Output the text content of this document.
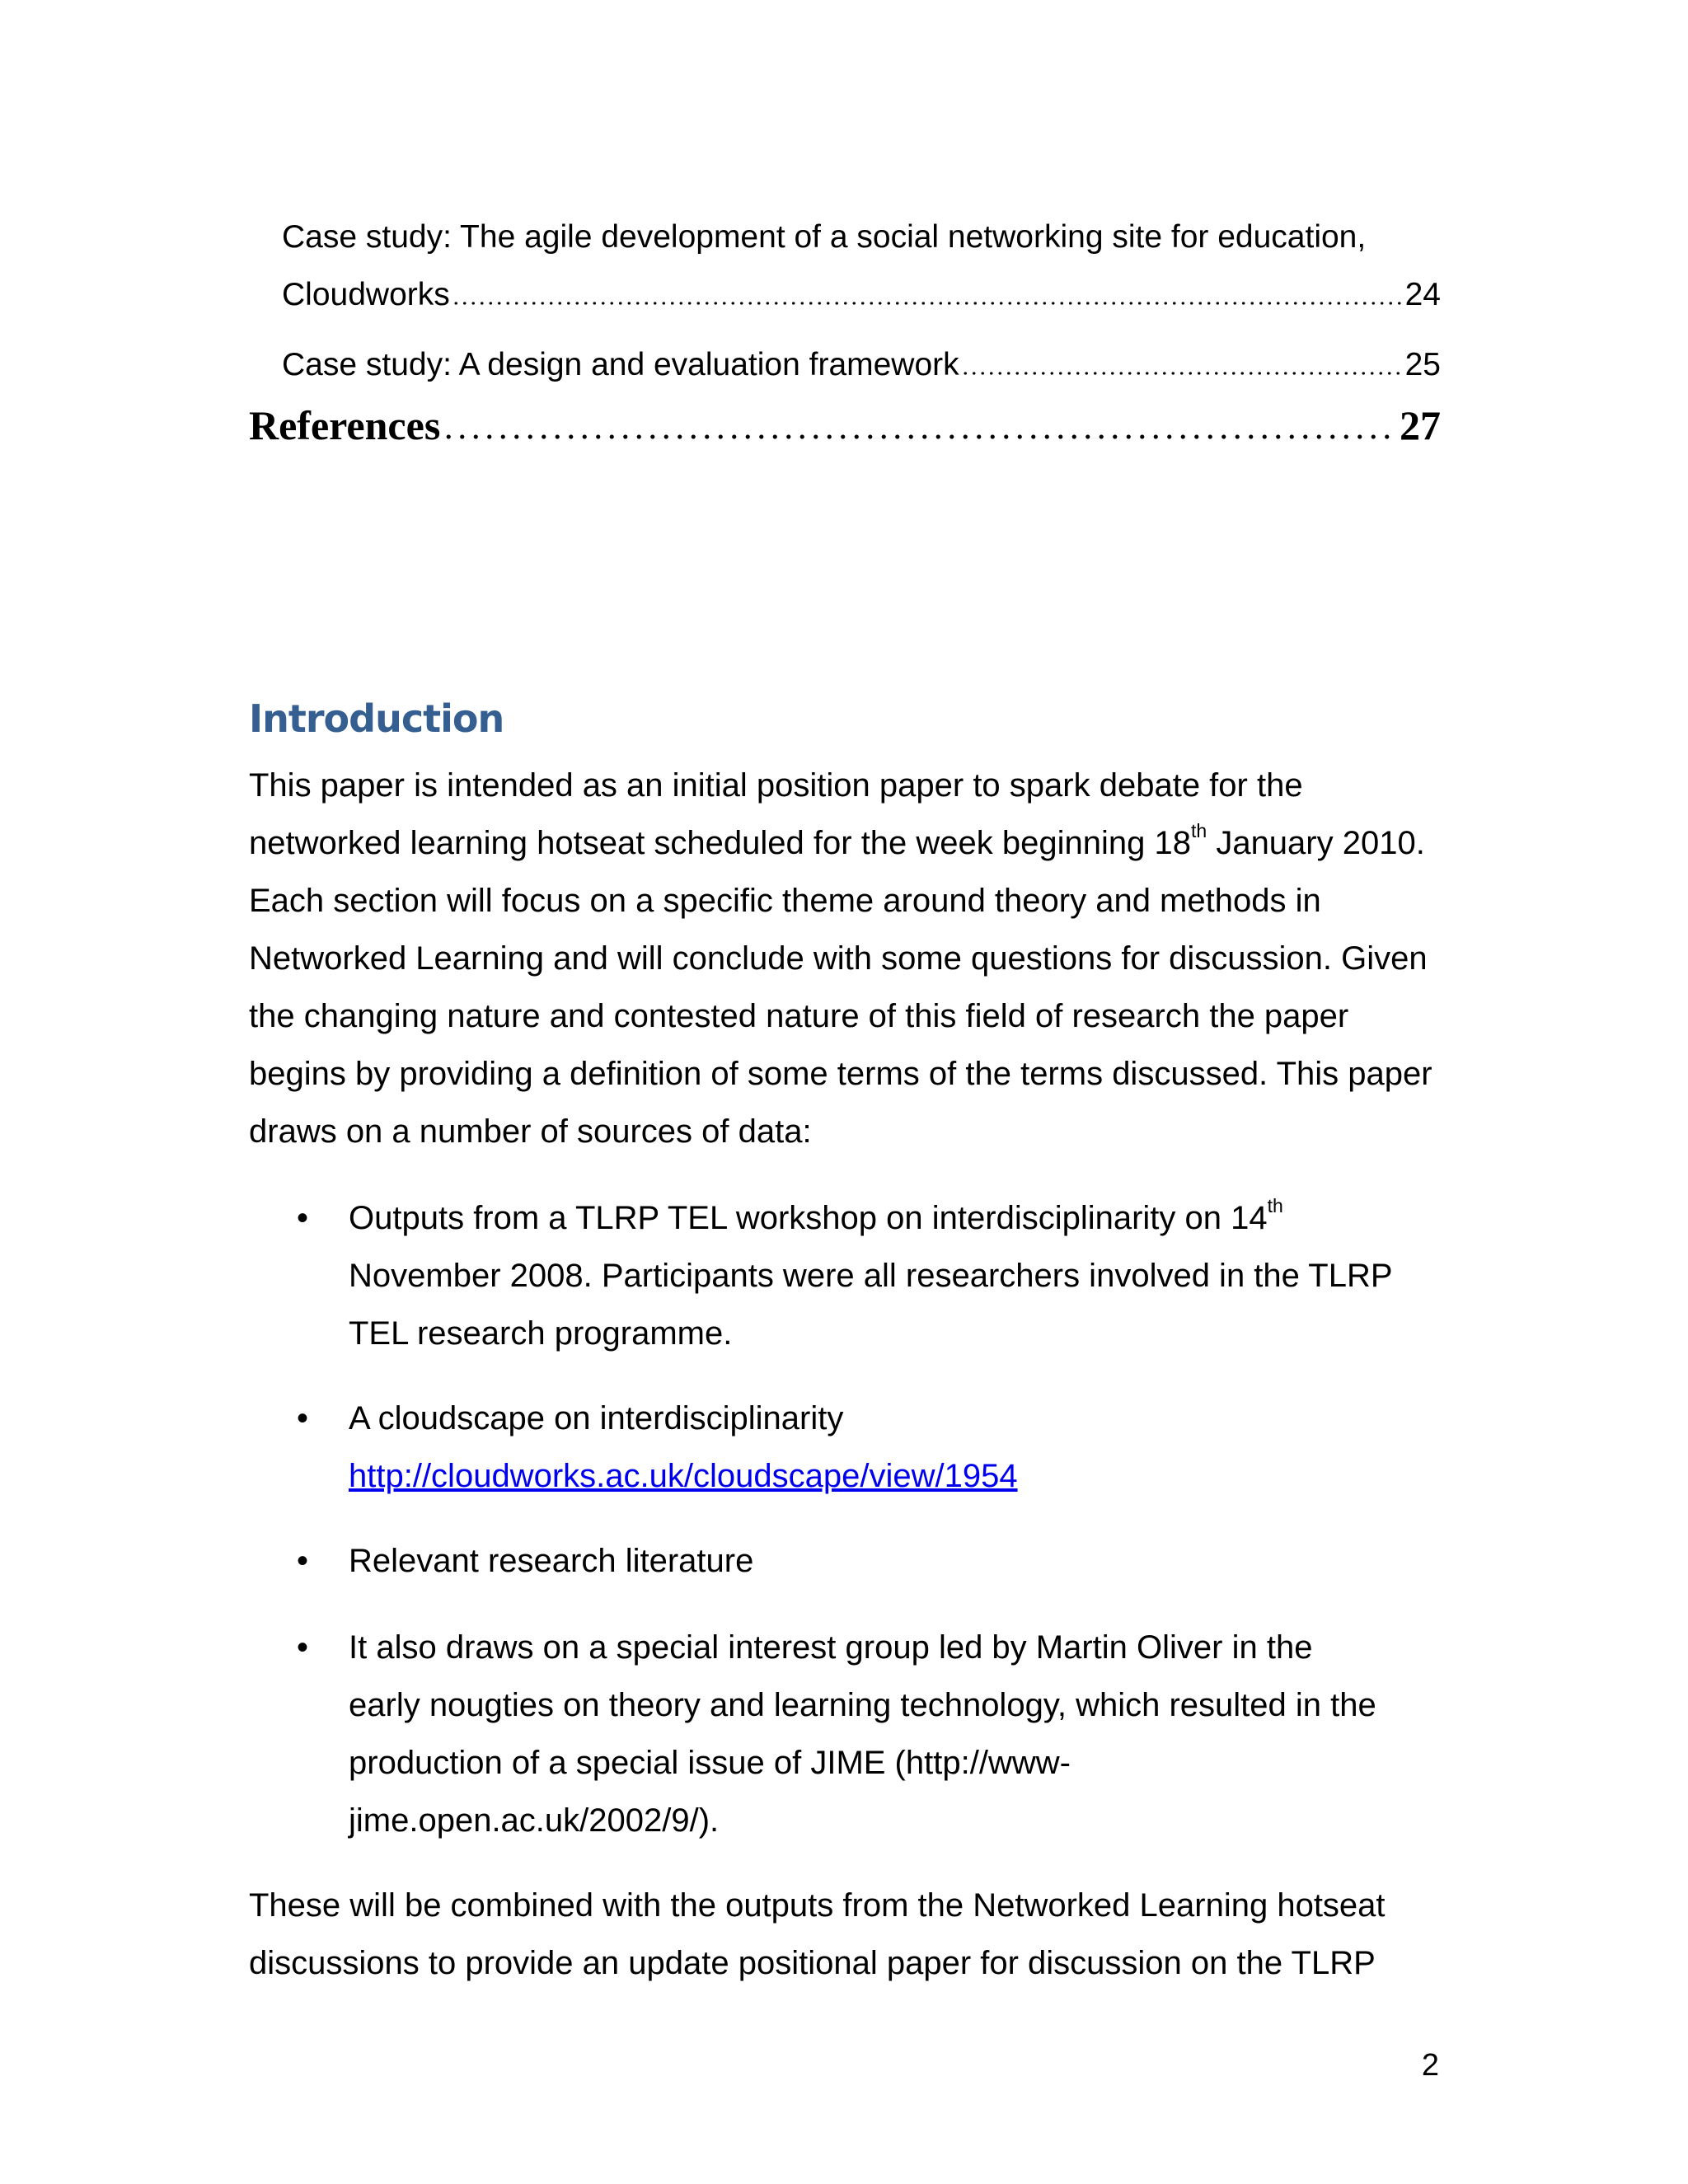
Case study: The agile development of a social networking site for education,
Cloudworks	24
Case study: A design and evaluation framework	25
References	27
Introduction

This paper is intended as an initial position paper to spark debate for the networked learning hotseat scheduled for the week beginning 18th January 2010. Each section will focus on a specific theme around theory and methods in Networked Learning and will conclude with some questions for discussion. Given the changing nature and contested nature of this field of research the paper begins by providing a definition of some terms of the terms discussed. This paper draws on a number of sources of data:

• Outputs from a TLRP TEL workshop on interdisciplinarity on 14th November 2008. Participants were all researchers involved in the TLRP TEL research programme.
• A cloudscape on interdisciplinarity
http://cloudworks.ac.uk/cloudscape/view/1954
• Relevant research literature
• It also draws on a special interest group led by Martin Oliver in the early nougties on theory and learning technology, which resulted in the production of a special issue of JIME (http://www-jime.open.ac.uk/2002/9/).
These will be combined with the outputs from the Networked Learning hotseat discussions to provide an update positional paper for discussion on the TLRP
2
